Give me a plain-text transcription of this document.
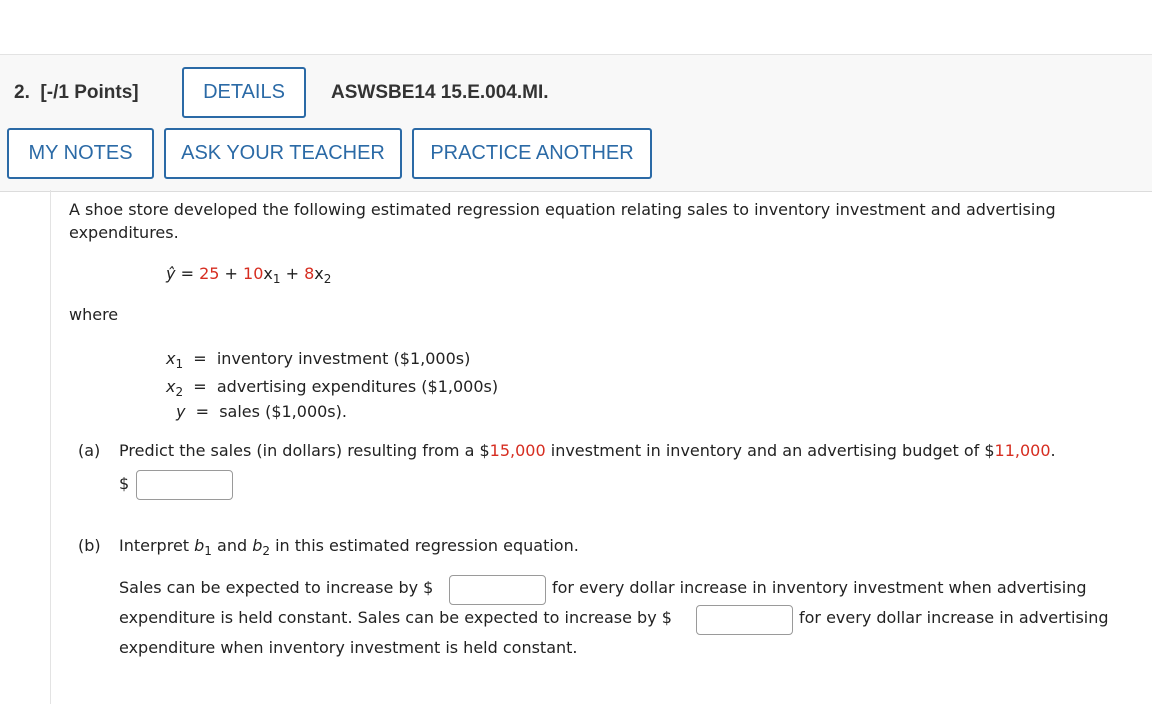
2. [-/1 Points]	DETAILS	ASWSBE14 15.E.004.MI.
MY NOTES	ASK YOUR TEACHER	PRACTICE ANOTHER
A shoe store developed the following estimated regression equation relating sales to inventory investment and advertising
expenditures.
ŷ = $25 + 10x_1 + 8x_2$
where
$x_1$ = inventory investment ($1,000s)
$x_2$ = advertising expenditures ($1,000s)
y = sales ($1,000s).
(a) Predict the sales (in dollars) resulting from a $15,000 investment in inventory and an advertising budget of $11,000.
$
(b) Interpret $b_1$ and $b_2$ in this estimated regression equation.
Sales can be expected to increase by $	for every dollar increase in inventory investment when advertising
expenditure is held constant. Sales can be expected to increase by $	for every dollar increase in advertising
expenditure when inventory investment is held constant.
